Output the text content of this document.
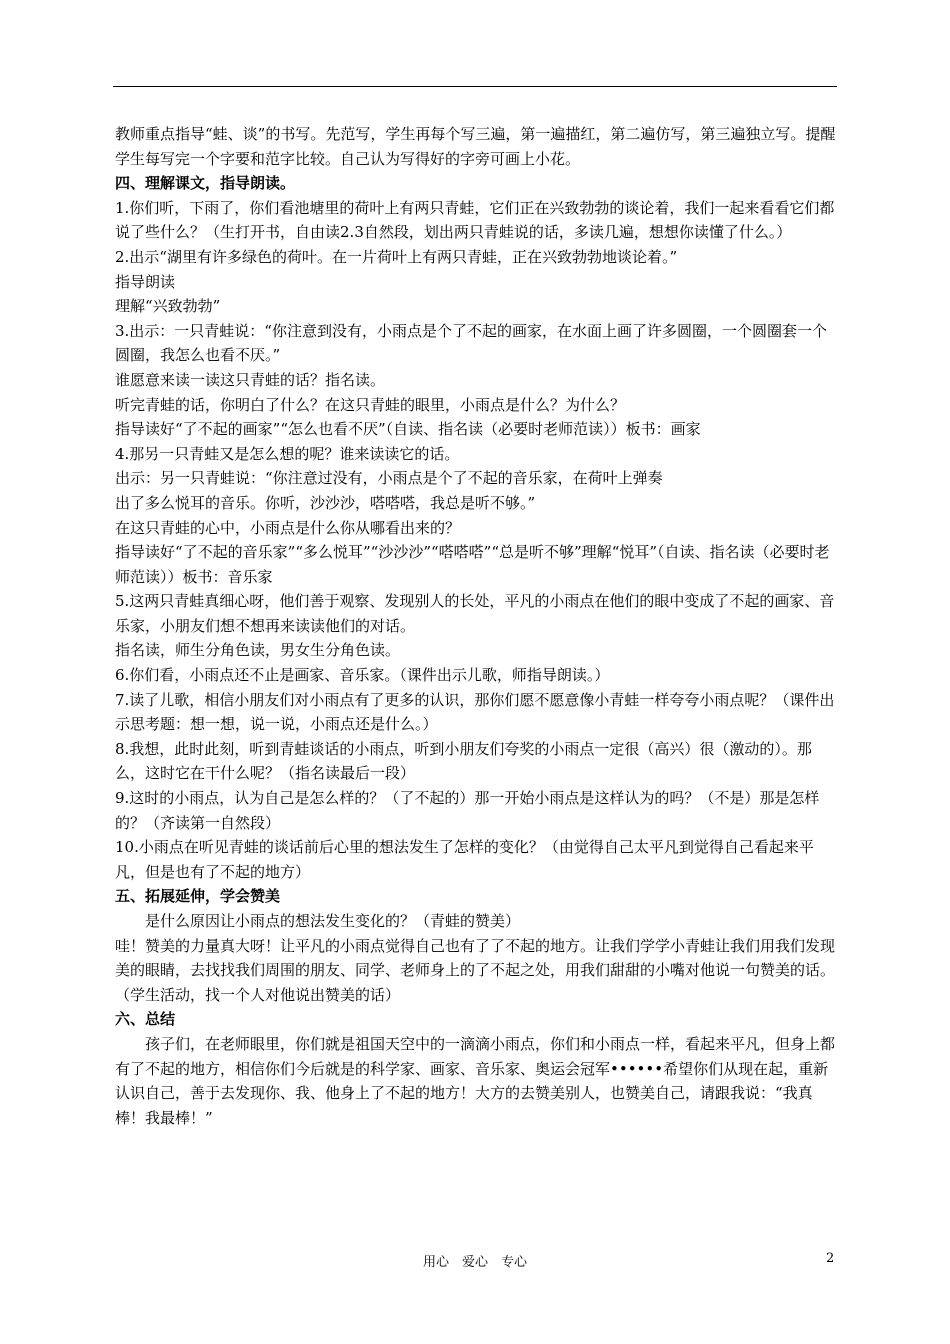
教师重点指导“蛙、谈”的书写。先范写，学生再每个写三遍，第一遍描红，第二遍仿写，第三遍独立写。提醒学生每写完一个字要和范字比较。自己认为写得好的字旁可画上小花。

四、理解课文，指导朗读。

1.你们听，下雨了，你们看池塘里的荷叶上有两只青蛙，它们正在兴致勃勃的谈论着，我们一起来看看它们都说了些什么？（生打开书，自由读2.3自然段，划出两只青蛙说的话，多读几遍，想想你读懂了什么。）

2.出示“湖里有许多绿色的荷叶。在一片荷叶上有两只青蛙，正在兴致勃勃地谈论着。”

指导朗读

理解“兴致勃勃”

3.出示：一只青蛙说：“你注意到没有，小雨点是个了不起的画家，在水面上画了许多圆圈，一个圆圈套一个圆圈，我怎么也看不厌。”

谁愿意来读一读这只青蛙的话？指名读。

听完青蛙的话，你明白了什么？在这只青蛙的眼里，小雨点是什么？为什么？

指导读好“了不起的画家”“怎么也看不厌”（自读、指名读（必要时老师范读））板书：画家

4.那另一只青蛙又是怎么想的呢？谁来读读它的话。

出示：另一只青蛙说：“你注意过没有，小雨点是个了不起的音乐家，在荷叶上弹奏

出了多么悦耳的音乐。你听，沙沙沙，嗒嗒嗒，我总是听不够。”

在这只青蛙的心中，小雨点是什么你从哪看出来的？

指导读好“了不起的音乐家”“多么悦耳”“沙沙沙”“嗒嗒嗒”“总是听不够”理解“悦耳”（自读、指名读（必要时老师范读））板书：音乐家

5.这两只青蛙真细心呀，他们善于观察、发现别人的长处，平凡的小雨点在他们的眼中变成了不起的画家、音乐家，小朋友们想不想再来读读他们的对话。

指名读，师生分角色读，男女生分角色读。

6.你们看，小雨点还不止是画家、音乐家。（课件出示儿歌，师指导朗读。）

7.读了儿歌，相信小朋友们对小雨点有了更多的认识，那你们愿不愿意像小青蛙一样夸夸小雨点呢？（课件出示思考题：想一想，说一说，小雨点还是什么。）

8.我想，此时此刻，听到青蛙谈话的小雨点，听到小朋友们夸奖的小雨点一定很（高兴）很（激动的）。那么，这时它在干什么呢？（指名读最后一段）

9.这时的小雨点，认为自己是怎么样的？（了不起的）那一开始小雨点是这样认为的吗？（不是）那是怎样的？（齐读第一自然段）

10.小雨点在听见青蛙的谈话前后心里的想法发生了怎样的变化？（由觉得自己太平凡到觉得自己看起来平凡，但是也有了不起的地方）

五、拓展延伸，学会赞美

是什么原因让小雨点的想法发生变化的？（青蛙的赞美）

哇！赞美的力量真大呀！让平凡的小雨点觉得自己也有了了不起的地方。让我们学学小青蛙让我们用我们发现美的眼睛，去找找我们周围的朋友、同学、老师身上的了不起之处，用我们甜甜的小嘴对他说一句赞美的话。（学生活动，找一个人对他说出赞美的话）

六、总结

孩子们，在老师眼里，你们就是祖国天空中的一滴滴小雨点，你们和小雨点一样，看起来平凡，但身上都有了不起的地方，相信你们今后就是的科学家、画家、音乐家、奥运会冠军••••••希望你们从现在起，重新认识自己，善于去发现你、我、他身上了不起的地方！大方的去赞美别人，也赞美自己，请跟我说：“我真棒！我最棒！”

用心　爱心　专心	2
